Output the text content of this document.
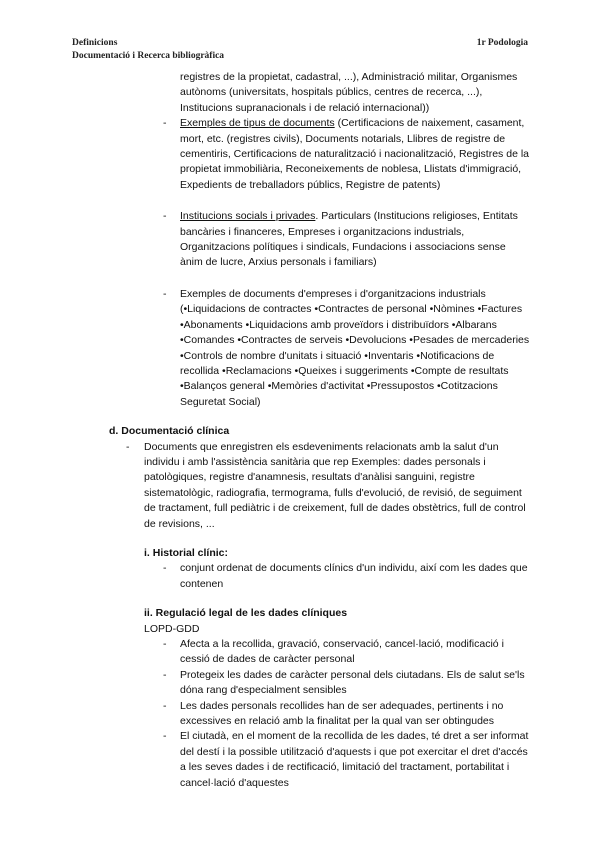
Definicions
Documentació i Recerca bibliogràfica
1r Podologia

registres de la propietat, cadastral, ...), Administració militar, Organismes autònoms (universitats, hospitals públics, centres de recerca, ...), Institucions supranacionals i de relació internacional))

- Exemples de tipus de documents (Certificacions de naixement, casament, mort, etc. (registres civils), Documents notarials, Llibres de registre de cementiris, Certificacions de naturalització i nacionalització, Registres de la propietat immobiliària, Reconeixements de noblesa, Llistats d'immigració, Expedients de treballadors públics, Registre de patents)
- Institucions socials i privades. Particulars (Institucions religioses, Entitats bancàries i financeres, Empreses i organitzacions industrials, Organitzacions polítiques i sindicals, Fundacions i associacions sense ànim de lucre, Arxius personals i familiars)
- Exemples de documents d'empreses i d'organitzacions industrials (•Liquidacions de contractes •Contractes de personal •Nòmines •Factures •Abonaments •Liquidacions amb proveïdors i distribuïdors •Albarans •Comandes •Contractes de serveis •Devolucions •Pesades de mercaderies •Controls de nombre d'unitats i situació •Inventaris •Notificacions de recollida •Reclamacions •Queixes i suggeriments •Compte de resultats •Balanços general •Memòries d'activitat •Pressupostos •Cotitzacions Seguretat Social)

d. Documentació clínica

- Documents que enregistren els esdeveniments relacionats amb la salut d'un individu i amb l'assistència sanitària que rep Exemples: dades personals i patològiques, registre d'anamnesis, resultats d'anàlisi sanguini, registre sistematològic, radiografia, termograma, fulls d'evolució, de revisió, de seguiment de tractament, full pediàtric i de creixement, full de dades obstètrics, full de control de revisions, ...

i. Historial clínic:

- conjunt ordenat de documents clínics d'un individu, així com les dades que contenen

ii. Regulació legal de les dades clíniques

LOPD-GDD

- Afecta a la recollida, gravació, conservació, cancel·lació, modificació i cessió de dades de caràcter personal
- Protegeix les dades de caràcter personal dels ciutadans. Els de salut se'ls dóna rang d'especialment sensibles
- Les dades personals recollides han de ser adequades, pertinents i no excessives en relació amb la finalitat per la qual van ser obtingudes
- El ciutadà, en el moment de la recollida de les dades, té dret a ser informat del destí i la possible utilització d'aquests i que pot exercitar el dret d'accés a les seves dades i de rectificació, limitació del tractament, portabilitat i cancel·lació d'aquestes
